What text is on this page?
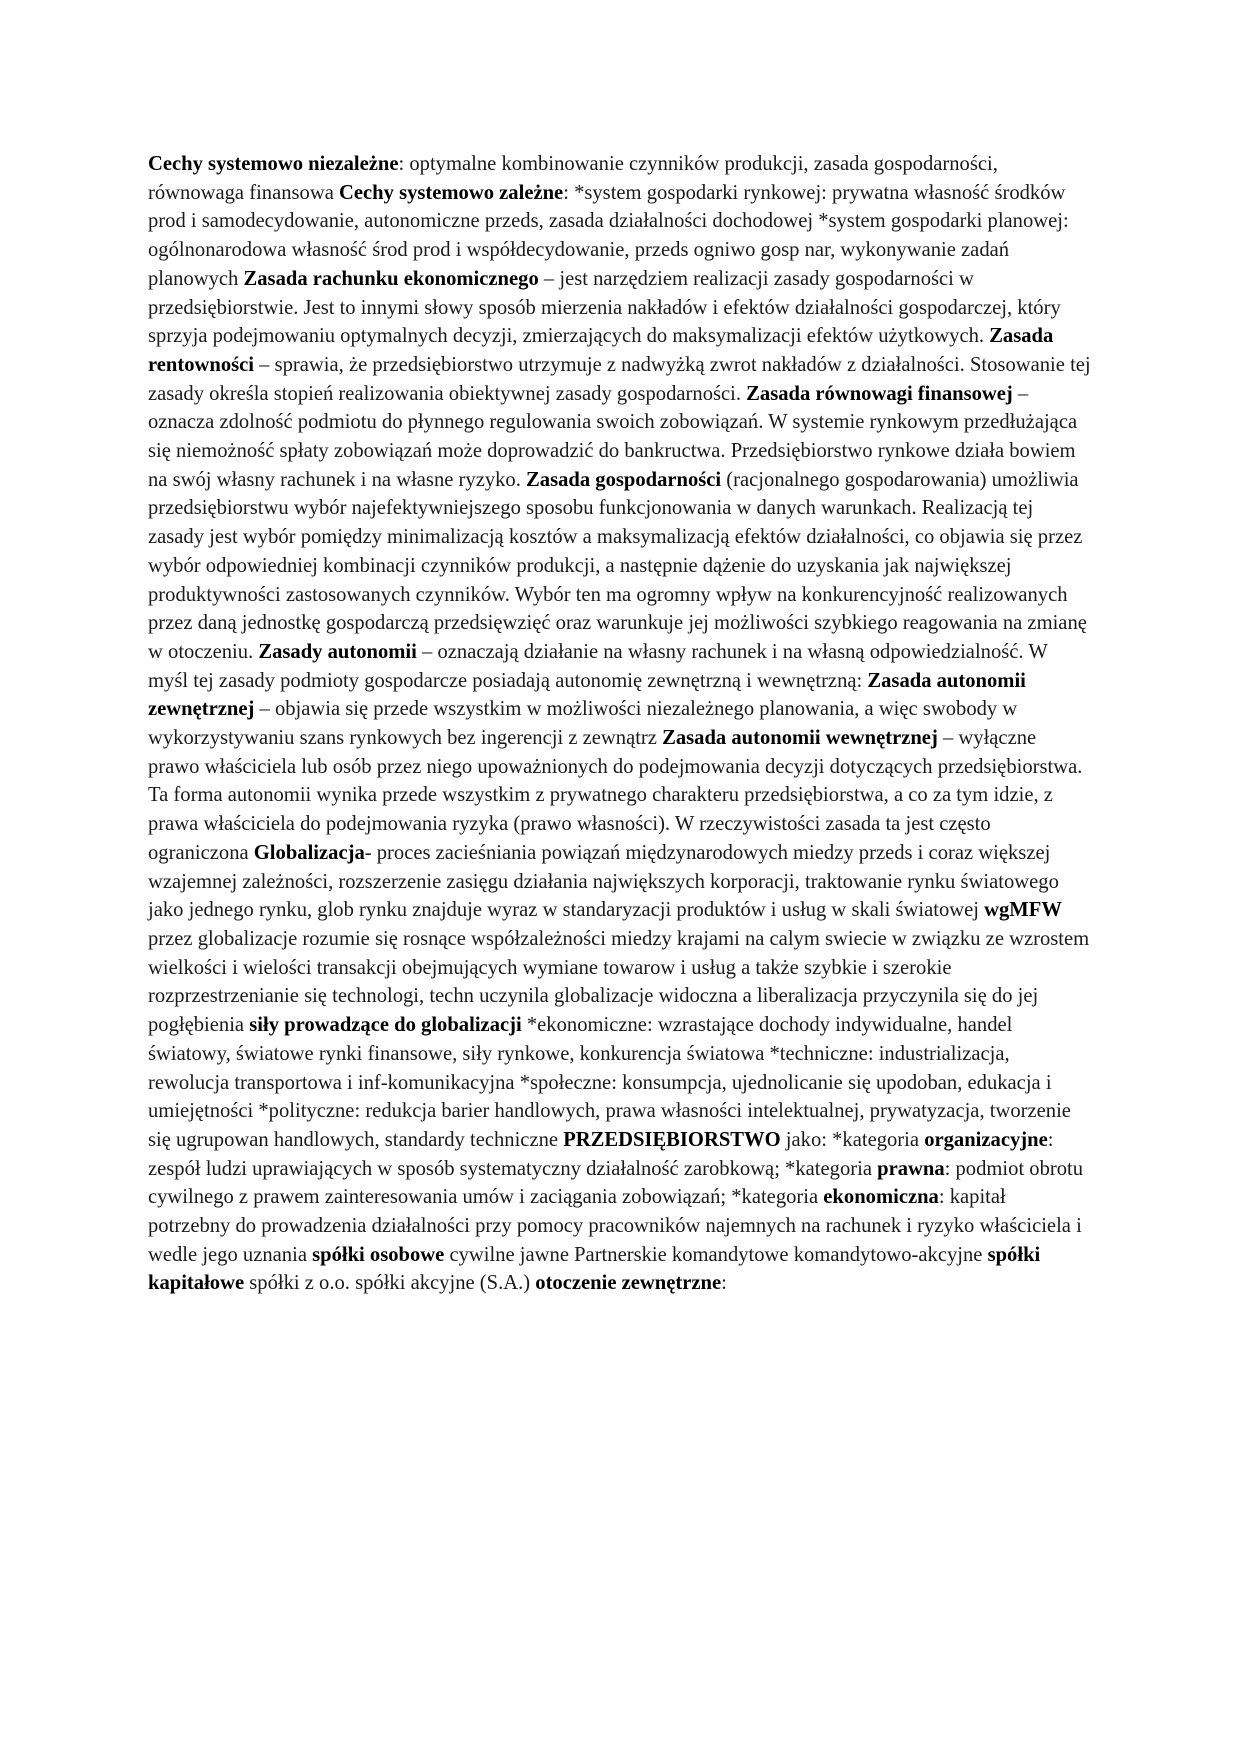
Cechy systemowo niezależne: optymalne kombinowanie czynników produkcji, zasada gospodarności, równowaga finansowa Cechy systemowo zależne: *system gospodarki rynkowej: prywatna własność środków prod i samodecydowanie, autonomiczne przeds, zasada działalności dochodowej *system gospodarki planowej: ogólnonarodowa własność środ prod i współdecydowanie, przeds ogniwo gosp nar, wykonywanie zadań planowych Zasada rachunku ekonomicznego – jest narzędziem realizacji zasady gospodarności w przedsiębiorstwie. Jest to innymi słowy sposób mierzenia nakładów i efektów działalności gospodarczej, który sprzyja podejmowaniu optymalnych decyzji, zmierzających do maksymalizacji efektów użytkowych. Zasada rentowności – sprawia, że przedsiębiorstwo utrzymuje z nadwyżką zwrot nakładów z działalności. Stosowanie tej zasady określa stopień realizowania obiektywnej zasady gospodarności. Zasada równowagi finansowej – oznacza zdolność podmiotu do płynnego regulowania swoich zobowiązań. W systemie rynkowym przedłużająca się niemożność spłaty zobowiązań może doprowadzić do bankructwa. Przedsiębiorstwo rynkowe działa bowiem na swój własny rachunek i na własne ryzyko. Zasada gospodarności (racjonalnego gospodarowania) umożliwia przedsiębiorstwu wybór najefektywniejszego sposobu funkcjonowania w danych warunkach. Realizacją tej zasady jest wybór pomiędzy minimalizacją kosztów a maksymalizacją efektów działalności, co objawia się przez wybór odpowiedniej kombinacji czynników produkcji, a następnie dążenie do uzyskania jak największej produktywności zastosowanych czynników. Wybór ten ma ogromny wpływ na konkurencyjność realizowanych przez daną jednostkę gospodarczą przedsięwzięć oraz warunkuje jej możliwości szybkiego reagowania na zmianę w otoczeniu. Zasady autonomii – oznaczają działanie na własny rachunek i na własną odpowiedzialność. W myśl tej zasady podmioty gospodarcze posiadają autonomię zewnętrzną i wewnętrzną: Zasada autonomii zewnętrznej – objawia się przede wszystkim w możliwości niezależnego planowania, a więc swobody w wykorzystywaniu szans rynkowych bez ingerencji z zewnątrz Zasada autonomii wewnętrznej – wyłączne prawo właściciela lub osób przez niego upoważnionych do podejmowania decyzji dotyczących przedsiębiorstwa. Ta forma autonomii wynika przede wszystkim z prywatnego charakteru przedsiębiorstwa, a co za tym idzie, z prawa właściciela do podejmowania ryzyka (prawo własności). W rzeczywistości zasada ta jest często ograniczona Globalizacja- proces zacieśniania powiązań międzynarodowych miedzy przeds i coraz większej wzajemnej zależności, rozszerzenie zasięgu działania największych korporacji, traktowanie rynku światowego jako jednego rynku, glob rynku znajduje wyraz w standaryzacji produktów i usług w skali światowej wgMFW przez globalizacje rozumie się rosnące współzależności miedzy krajami na calym swiecie w związku ze wzrostem wielkości i wielości transakcji obejmujących wymiane towarow i usług a także szybkie i szerokie rozprzestrzenianie się technologi, techn uczynila globalizacje widoczna a liberalizacja przyczynila się do jej pogłębienia siły prowadzące do globalizacji *ekonomiczne: wzrastające dochody indywidualne, handel światowy, światowe rynki finansowe, siły rynkowe, konkurencja światowa *techniczne: industrializacja, rewolucja transportowa i inf-komunikacyjna *społeczne: konsumpcja, ujednolicanie się upodoban, edukacja i umiejętności *polityczne: redukcja barier handlowych, prawa własności intelektualnej, prywatyzacja, tworzenie się ugrupowan handlowych, standardy techniczne PRZEDSIĘBIORSTWO jako: *kategoria organizacyjne: zespół ludzi uprawiających w sposób systematyczny działalność zarobkową; *kategoria prawna: podmiot obrotu cywilnego z prawem zainteresowania umów i zaciągania zobowiązań; *kategoria ekonomiczna: kapitał potrzebny do prowadzenia działalności przy pomocy pracowników najemnych na rachunek i ryzyko właściciela i wedle jego uznania spółki osobowe cywilne jawne Partnerskie komandytowe komandytowo-akcyjne spółki kapitałowe spółki z o.o. spółki akcyjne (S.A.) otoczenie zewnętrzne:
